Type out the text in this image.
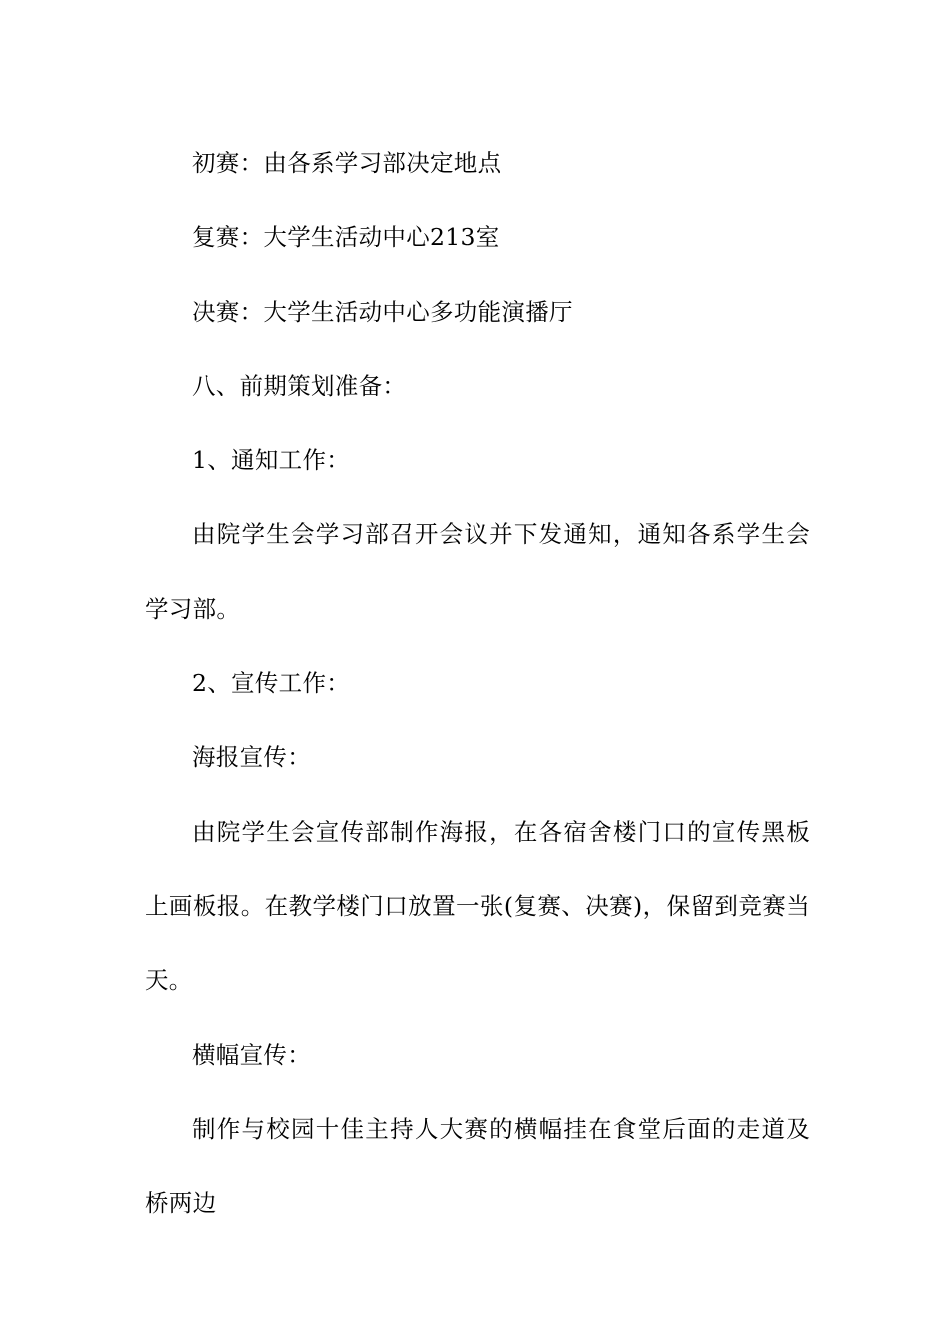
初赛：由各系学习部决定地点

复赛：大学生活动中心213室

决赛：大学生活动中心多功能演播厅

八、前期策划准备：

1、通知工作：

由院学生会学习部召开会议并下发通知，通知各系学生会学习部。

2、宣传工作：

海报宣传：

由院学生会宣传部制作海报，在各宿舍楼门口的宣传黑板上画板报。在教学楼门口放置一张(复赛、决赛)，保留到竞赛当天。

横幅宣传：

制作与校园十佳主持人大赛的横幅挂在食堂后面的走道及桥两边
